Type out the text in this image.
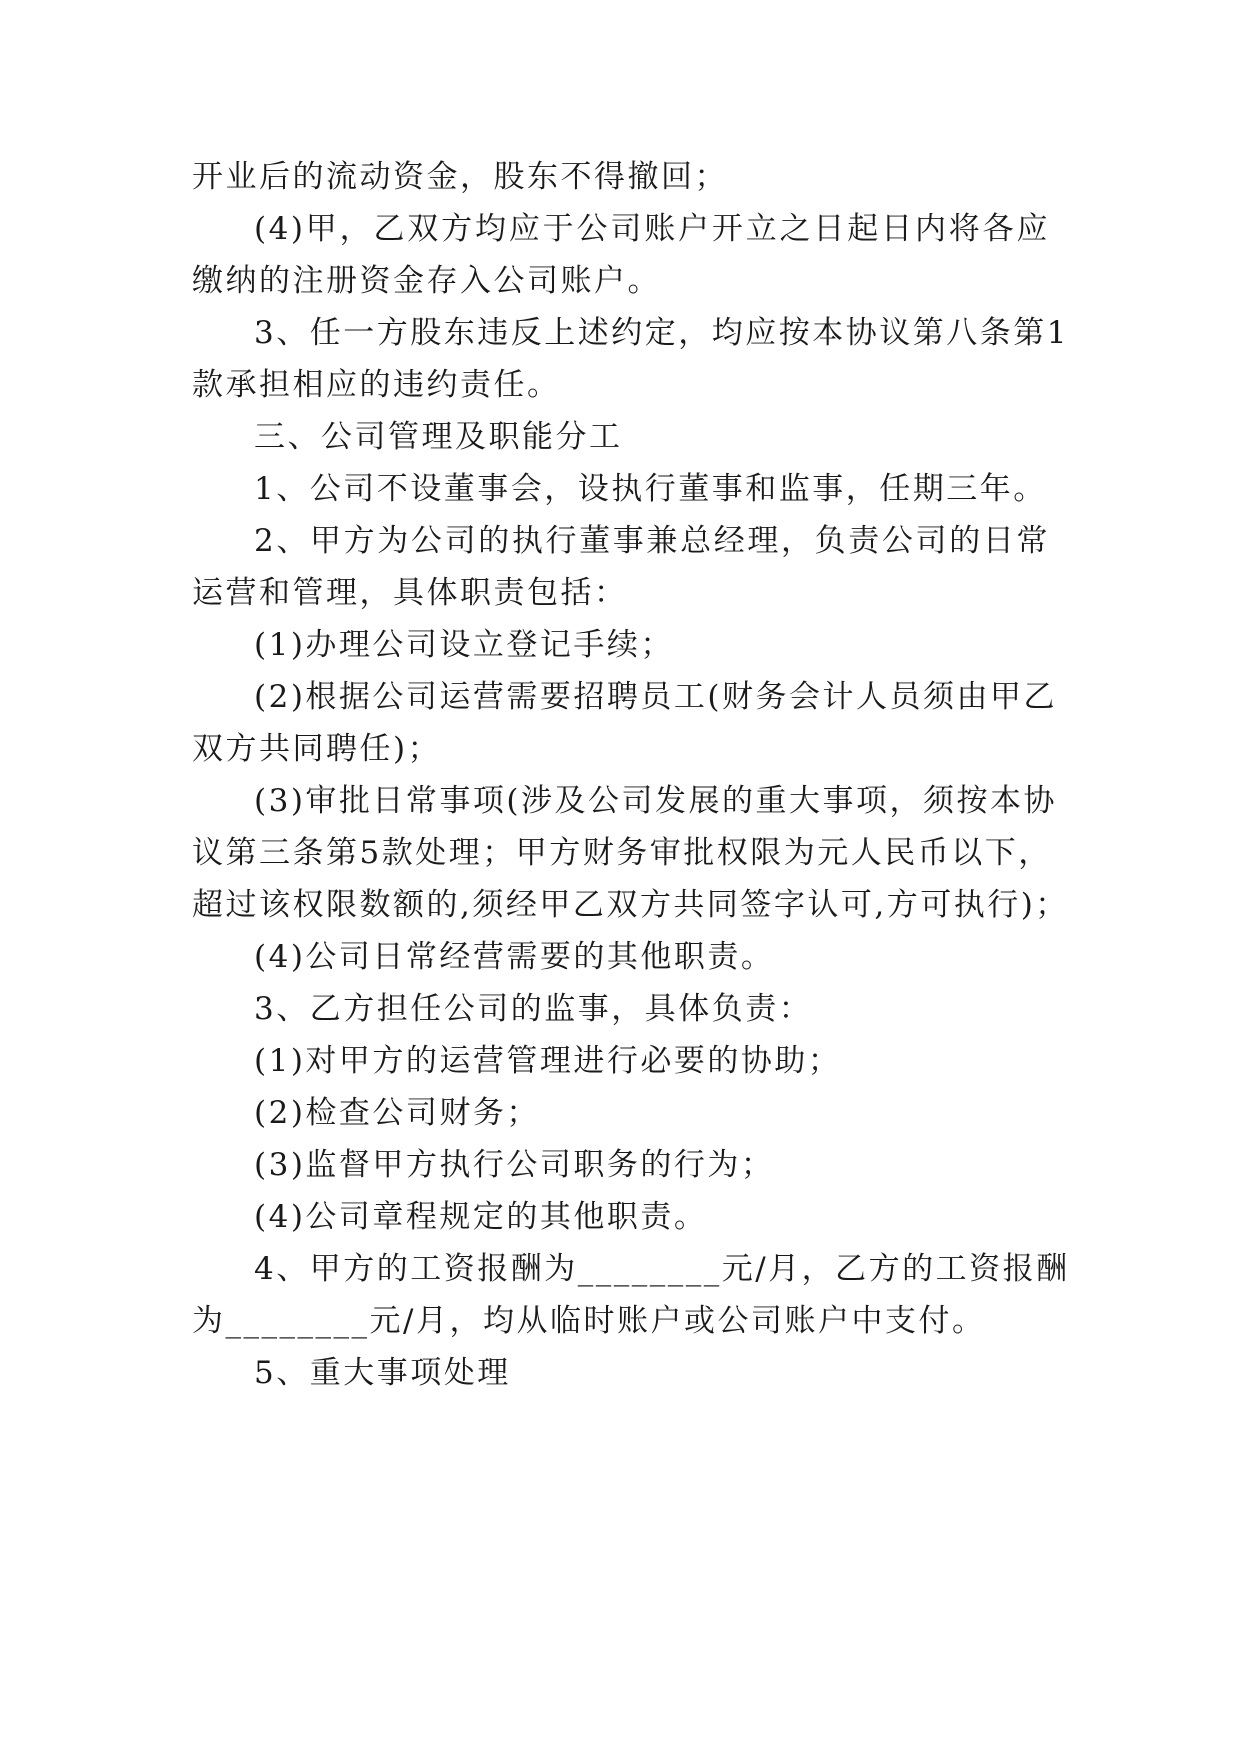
开业后的流动资金，股东不得撤回；
(4)甲，乙双方均应于公司账户开立之日起日内将各应
缴纳的注册资金存入公司账户。
3、任一方股东违反上述约定，均应按本协议第八条第1
款承担相应的违约责任。
三、公司管理及职能分工
1、公司不设董事会，设执行董事和监事，任期三年。
2、甲方为公司的执行董事兼总经理，负责公司的日常
运营和管理，具体职责包括：
(1)办理公司设立登记手续；
(2)根据公司运营需要招聘员工(财务会计人员须由甲乙
双方共同聘任)；
(3)审批日常事项(涉及公司发展的重大事项，须按本协
议第三条第5款处理；甲方财务审批权限为元人民币以下，
超过该权限数额的,须经甲乙双方共同签字认可,方可执行)；
(4)公司日常经营需要的其他职责。
3、乙方担任公司的监事，具体负责：
(1)对甲方的运营管理进行必要的协助；
(2)检查公司财务；
(3)监督甲方执行公司职务的行为；
(4)公司章程规定的其他职责。
4、甲方的工资报酬为________元/月，乙方的工资报酬
为________元/月，均从临时账户或公司账户中支付。
5、重大事项处理
